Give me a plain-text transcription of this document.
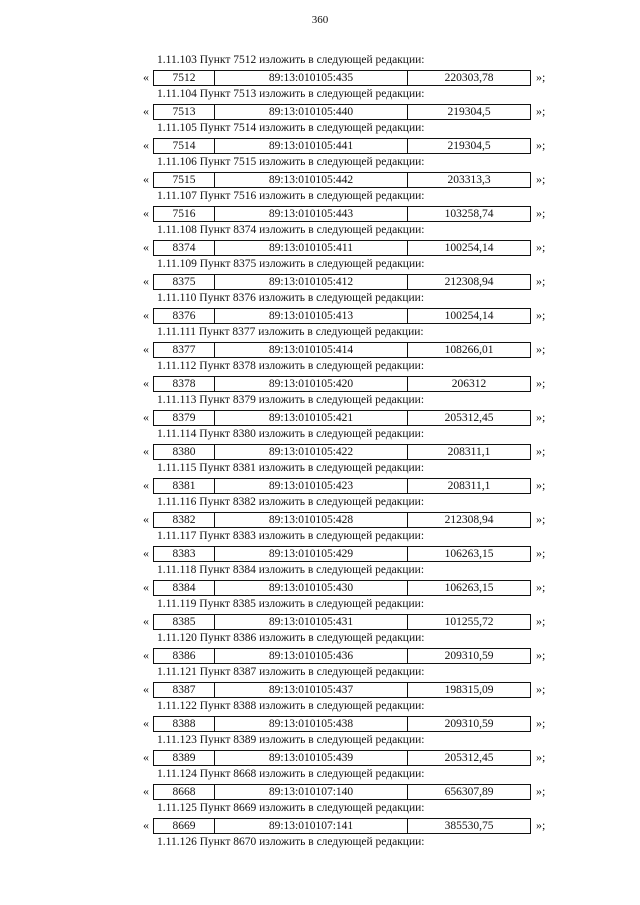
360
1.11.103 Пункт 7512 изложить в следующей редакции:
«	7512	89:13:010105:435	220303,78	»;
1.11.104 Пункт 7513 изложить в следующей редакции:
«	7513	89:13:010105:440	219304,5	»;
1.11.105 Пункт 7514 изложить в следующей редакции:
«	7514	89:13:010105:441	219304,5	»;
1.11.106 Пункт 7515 изложить в следующей редакции:
«	7515	89:13:010105:442	203313,3	»;
1.11.107 Пункт 7516 изложить в следующей редакции:
«	7516	89:13:010105:443	103258,74	»;
1.11.108 Пункт 8374 изложить в следующей редакции:
«	8374	89:13:010105:411	100254,14	»;
1.11.109 Пункт 8375 изложить в следующей редакции:
«	8375	89:13:010105:412	212308,94	»;
1.11.110 Пункт 8376 изложить в следующей редакции:
«	8376	89:13:010105:413	100254,14	»;
1.11.111 Пункт 8377 изложить в следующей редакции:
«	8377	89:13:010105:414	108266,01	»;
1.11.112 Пункт 8378 изложить в следующей редакции:
«	8378	89:13:010105:420	206312	»;
1.11.113 Пункт 8379 изложить в следующей редакции:
«	8379	89:13:010105:421	205312,45	»;
1.11.114 Пункт 8380 изложить в следующей редакции:
«	8380	89:13:010105:422	208311,1	»;
1.11.115 Пункт 8381 изложить в следующей редакции:
«	8381	89:13:010105:423	208311,1	»;
1.11.116 Пункт 8382 изложить в следующей редакции:
«	8382	89:13:010105:428	212308,94	»;
1.11.117 Пункт 8383 изложить в следующей редакции:
«	8383	89:13:010105:429	106263,15	»;
1.11.118 Пункт 8384 изложить в следующей редакции:
«	8384	89:13:010105:430	106263,15	»;
1.11.119 Пункт 8385 изложить в следующей редакции:
«	8385	89:13:010105:431	101255,72	»;
1.11.120 Пункт 8386 изложить в следующей редакции:
«	8386	89:13:010105:436	209310,59	»;
1.11.121 Пункт 8387 изложить в следующей редакции:
«	8387	89:13:010105:437	198315,09	»;
1.11.122 Пункт 8388 изложить в следующей редакции:
«	8388	89:13:010105:438	209310,59	»;
1.11.123 Пункт 8389 изложить в следующей редакции:
«	8389	89:13:010105:439	205312,45	»;
1.11.124 Пункт 8668 изложить в следующей редакции:
«	8668	89:13:010107:140	656307,89	»;
1.11.125 Пункт 8669 изложить в следующей редакции:
«	8669	89:13:010107:141	385530,75	»;
1.11.126 Пункт 8670 изложить в следующей редакции:
